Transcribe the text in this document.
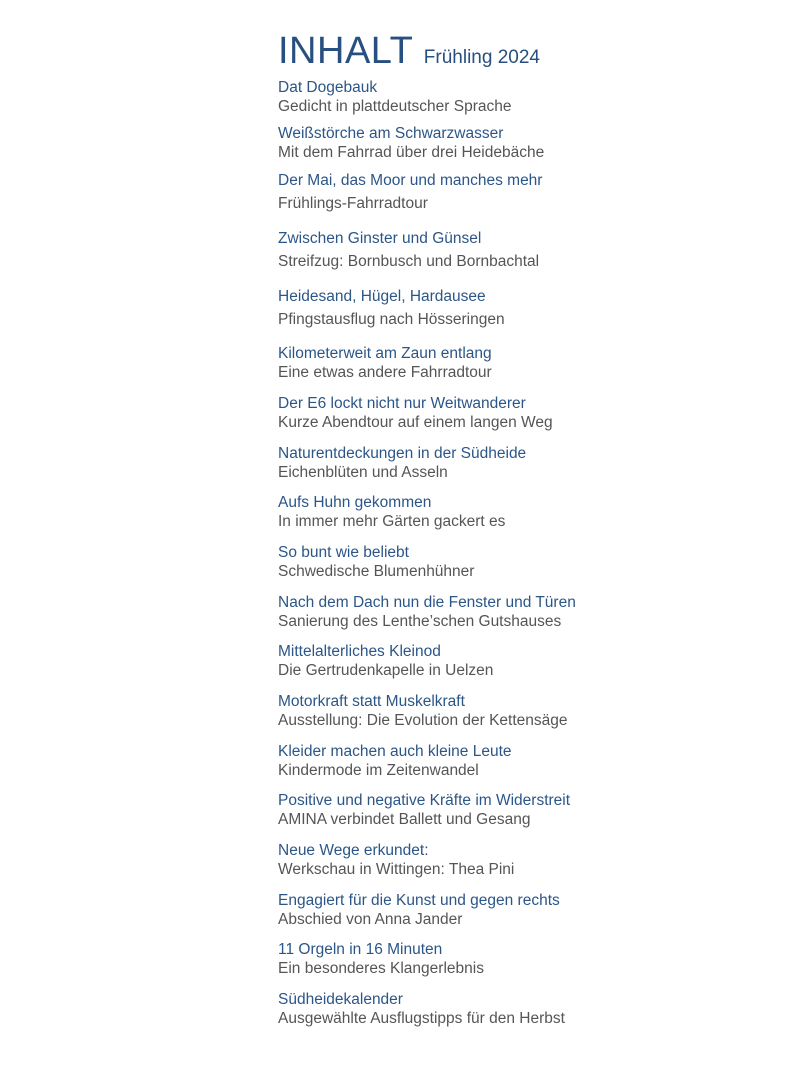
INHALT Frühling 2024
Dat Dogebauk
Gedicht in plattdeutscher Sprache
Weißstörche am Schwarzwasser
Mit dem Fahrrad über drei Heidebäche
Der Mai, das Moor und manches mehr
Frühlings-Fahrradtour
Zwischen Ginster und Günsel
Streifzug: Bornbusch und Bornbachtal
Heidesand, Hügel, Hardausee
Pfingstausflug nach Hösseringen
Kilometerweit am Zaun entlang
Eine etwas andere Fahrradtour
Der E6 lockt nicht nur Weitwanderer
Kurze Abendtour auf einem langen Weg
Naturentdeckungen in der Südheide
Eichenblüten und Asseln
Aufs Huhn gekommen
In immer mehr Gärten gackert es
So bunt wie beliebt
Schwedische Blumenhühner
Nach dem Dach nun die Fenster und Türen
Sanierung des Lenthe’schen Gutshauses
Mittelalterliches Kleinod
Die Gertrudenkapelle in Uelzen
Motorkraft statt Muskelkraft
Ausstellung: Die Evolution der Kettensäge
Kleider machen auch kleine Leute
Kindermode im Zeitenwandel
Positive und negative Kräfte im Widerstreit
AMINA verbindet Ballett und Gesang
Neue Wege erkundet:
Werkschau in Wittingen: Thea Pini
Engagiert für die Kunst und gegen rechts
Abschied von Anna Jander
11 Orgeln in 16 Minuten
Ein besonderes Klangerlebnis
Südheidekalender
Ausgewählte Ausflugstipps für den Herbst
